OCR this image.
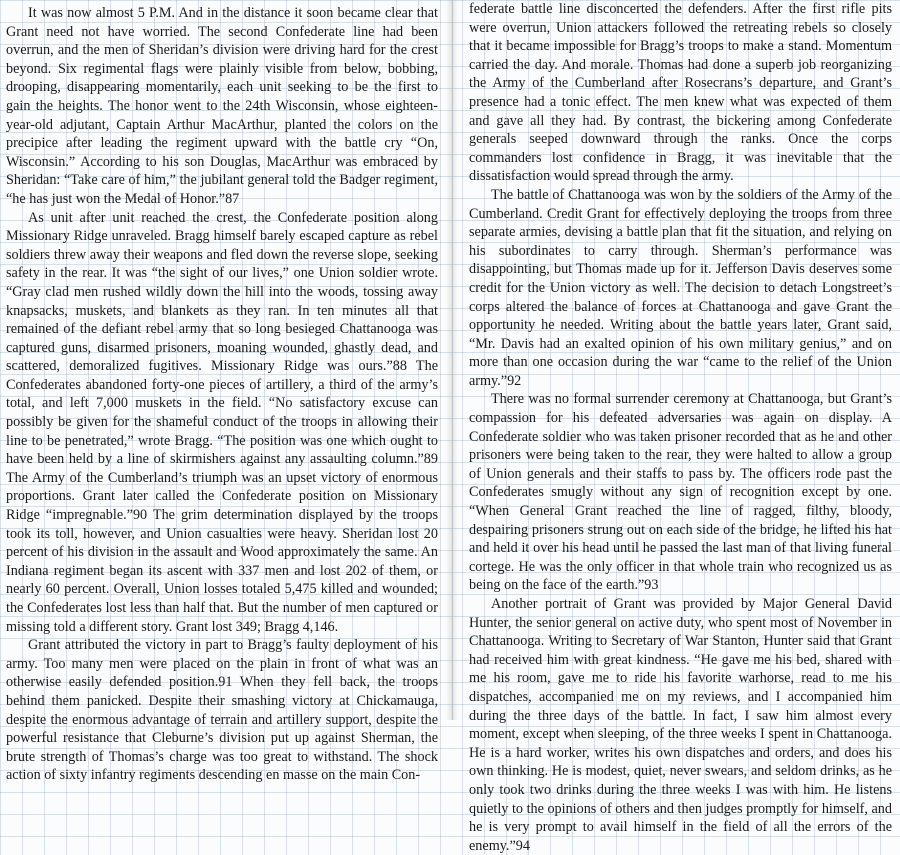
It was now almost 5 P.M. And in the distance it soon became clear that Grant need not have worried. The second Confederate line had been overrun, and the men of Sheridan’s division were driving hard for the crest beyond. Six regimental flags were plainly visible from below, bobbing, drooping, disappearing momentarily, each unit seeking to be the first to gain the heights. The honor went to the 24th Wisconsin, whose eighteen-year-old adjutant, Captain Arthur MacArthur, planted the colors on the precipice after leading the regiment upward with the battle cry “On, Wisconsin.” According to his son Douglas, MacArthur was embraced by Sheridan: “Take care of him,” the jubilant general told the Badger regiment, “he has just won the Medal of Honor.”87

As unit after unit reached the crest, the Confederate position along Missionary Ridge unraveled. Bragg himself barely escaped capture as rebel soldiers threw away their weapons and fled down the reverse slope, seeking safety in the rear. It was “the sight of our lives,” one Union soldier wrote. “Gray clad men rushed wildly down the hill into the woods, tossing away knapsacks, muskets, and blankets as they ran. In ten minutes all that remained of the defiant rebel army that so long besieged Chattanooga was captured guns, disarmed prisoners, moaning wounded, ghastly dead, and scattered, demoralized fugitives. Missionary Ridge was ours.”88 The Confederates abandoned forty-one pieces of artillery, a third of the army’s total, and left 7,000 muskets in the field. “No satisfactory excuse can possibly be given for the shameful conduct of the troops in allowing their line to be penetrated,” wrote Bragg. “The position was one which ought to have been held by a line of skirmishers against any assaulting column.”89 The Army of the Cumberland’s triumph was an upset victory of enormous proportions. Grant later called the Confederate position on Missionary Ridge “impregnable.”90 The grim determination displayed by the troops took its toll, however, and Union casualties were heavy. Sheridan lost 20 percent of his division in the assault and Wood approximately the same. An Indiana regiment began its ascent with 337 men and lost 202 of them, or nearly 60 percent. Overall, Union losses totaled 5,475 killed and wounded; the Confederates lost less than half that. But the number of men captured or missing told a different story. Grant lost 349; Bragg 4,146.

Grant attributed the victory in part to Bragg’s faulty deployment of his army. Too many men were placed on the plain in front of what was an otherwise easily defended position.91 When they fell back, the troops behind them panicked. Despite their smashing victory at Chickamauga, despite the enormous advantage of terrain and artillery support, despite the powerful resistance that Cleburne’s division put up against Sherman, the brute strength of Thomas’s charge was too great to withstand. The shock action of sixty infantry regiments descending en masse on the main Con-

federate battle line disconcerted the defenders. After the first rifle pits were overrun, Union attackers followed the retreating rebels so closely that it became impossible for Bragg’s troops to make a stand. Momentum carried the day. And morale. Thomas had done a superb job reorganizing the Army of the Cumberland after Rosecrans’s departure, and Grant’s presence had a tonic effect. The men knew what was expected of them and gave all they had. By contrast, the bickering among Confederate generals seeped downward through the ranks. Once the corps commanders lost confidence in Bragg, it was inevitable that the dissatisfaction would spread through the army.

The battle of Chattanooga was won by the soldiers of the Army of the Cumberland. Credit Grant for effectively deploying the troops from three separate armies, devising a battle plan that fit the situation, and relying on his subordinates to carry through. Sherman’s performance was disappointing, but Thomas made up for it. Jefferson Davis deserves some credit for the Union victory as well. The decision to detach Longstreet’s corps altered the balance of forces at Chattanooga and gave Grant the opportunity he needed. Writing about the battle years later, Grant said, “Mr. Davis had an exalted opinion of his own military genius,” and on more than one occasion during the war “came to the relief of the Union army.”92

There was no formal surrender ceremony at Chattanooga, but Grant’s compassion for his defeated adversaries was again on display. A Confederate soldier who was taken prisoner recorded that as he and other prisoners were being taken to the rear, they were halted to allow a group of Union generals and their staffs to pass by. The officers rode past the Confederates smugly without any sign of recognition except by one. “When General Grant reached the line of ragged, filthy, bloody, despairing prisoners strung out on each side of the bridge, he lifted his hat and held it over his head until he passed the last man of that living funeral cortege. He was the only officer in that whole train who recognized us as being on the face of the earth.”93

Another portrait of Grant was provided by Major General David Hunter, the senior general on active duty, who spent most of November in Chattanooga. Writing to Secretary of War Stanton, Hunter said that Grant had received him with great kindness. “He gave me his bed, shared with me his room, gave me to ride his favorite warhorse, read to me his dispatches, accompanied me on my reviews, and I accompanied him during the three days of the battle. In fact, I saw him almost every moment, except when sleeping, of the three weeks I spent in Chattanooga. He is a hard worker, writes his own dispatches and orders, and does his own thinking. He is modest, quiet, never swears, and seldom drinks, as he only took two drinks during the three weeks I was with him. He listens quietly to the opinions of others and then judges promptly for himself, and he is very prompt to avail himself in the field of all the errors of the enemy.”94
